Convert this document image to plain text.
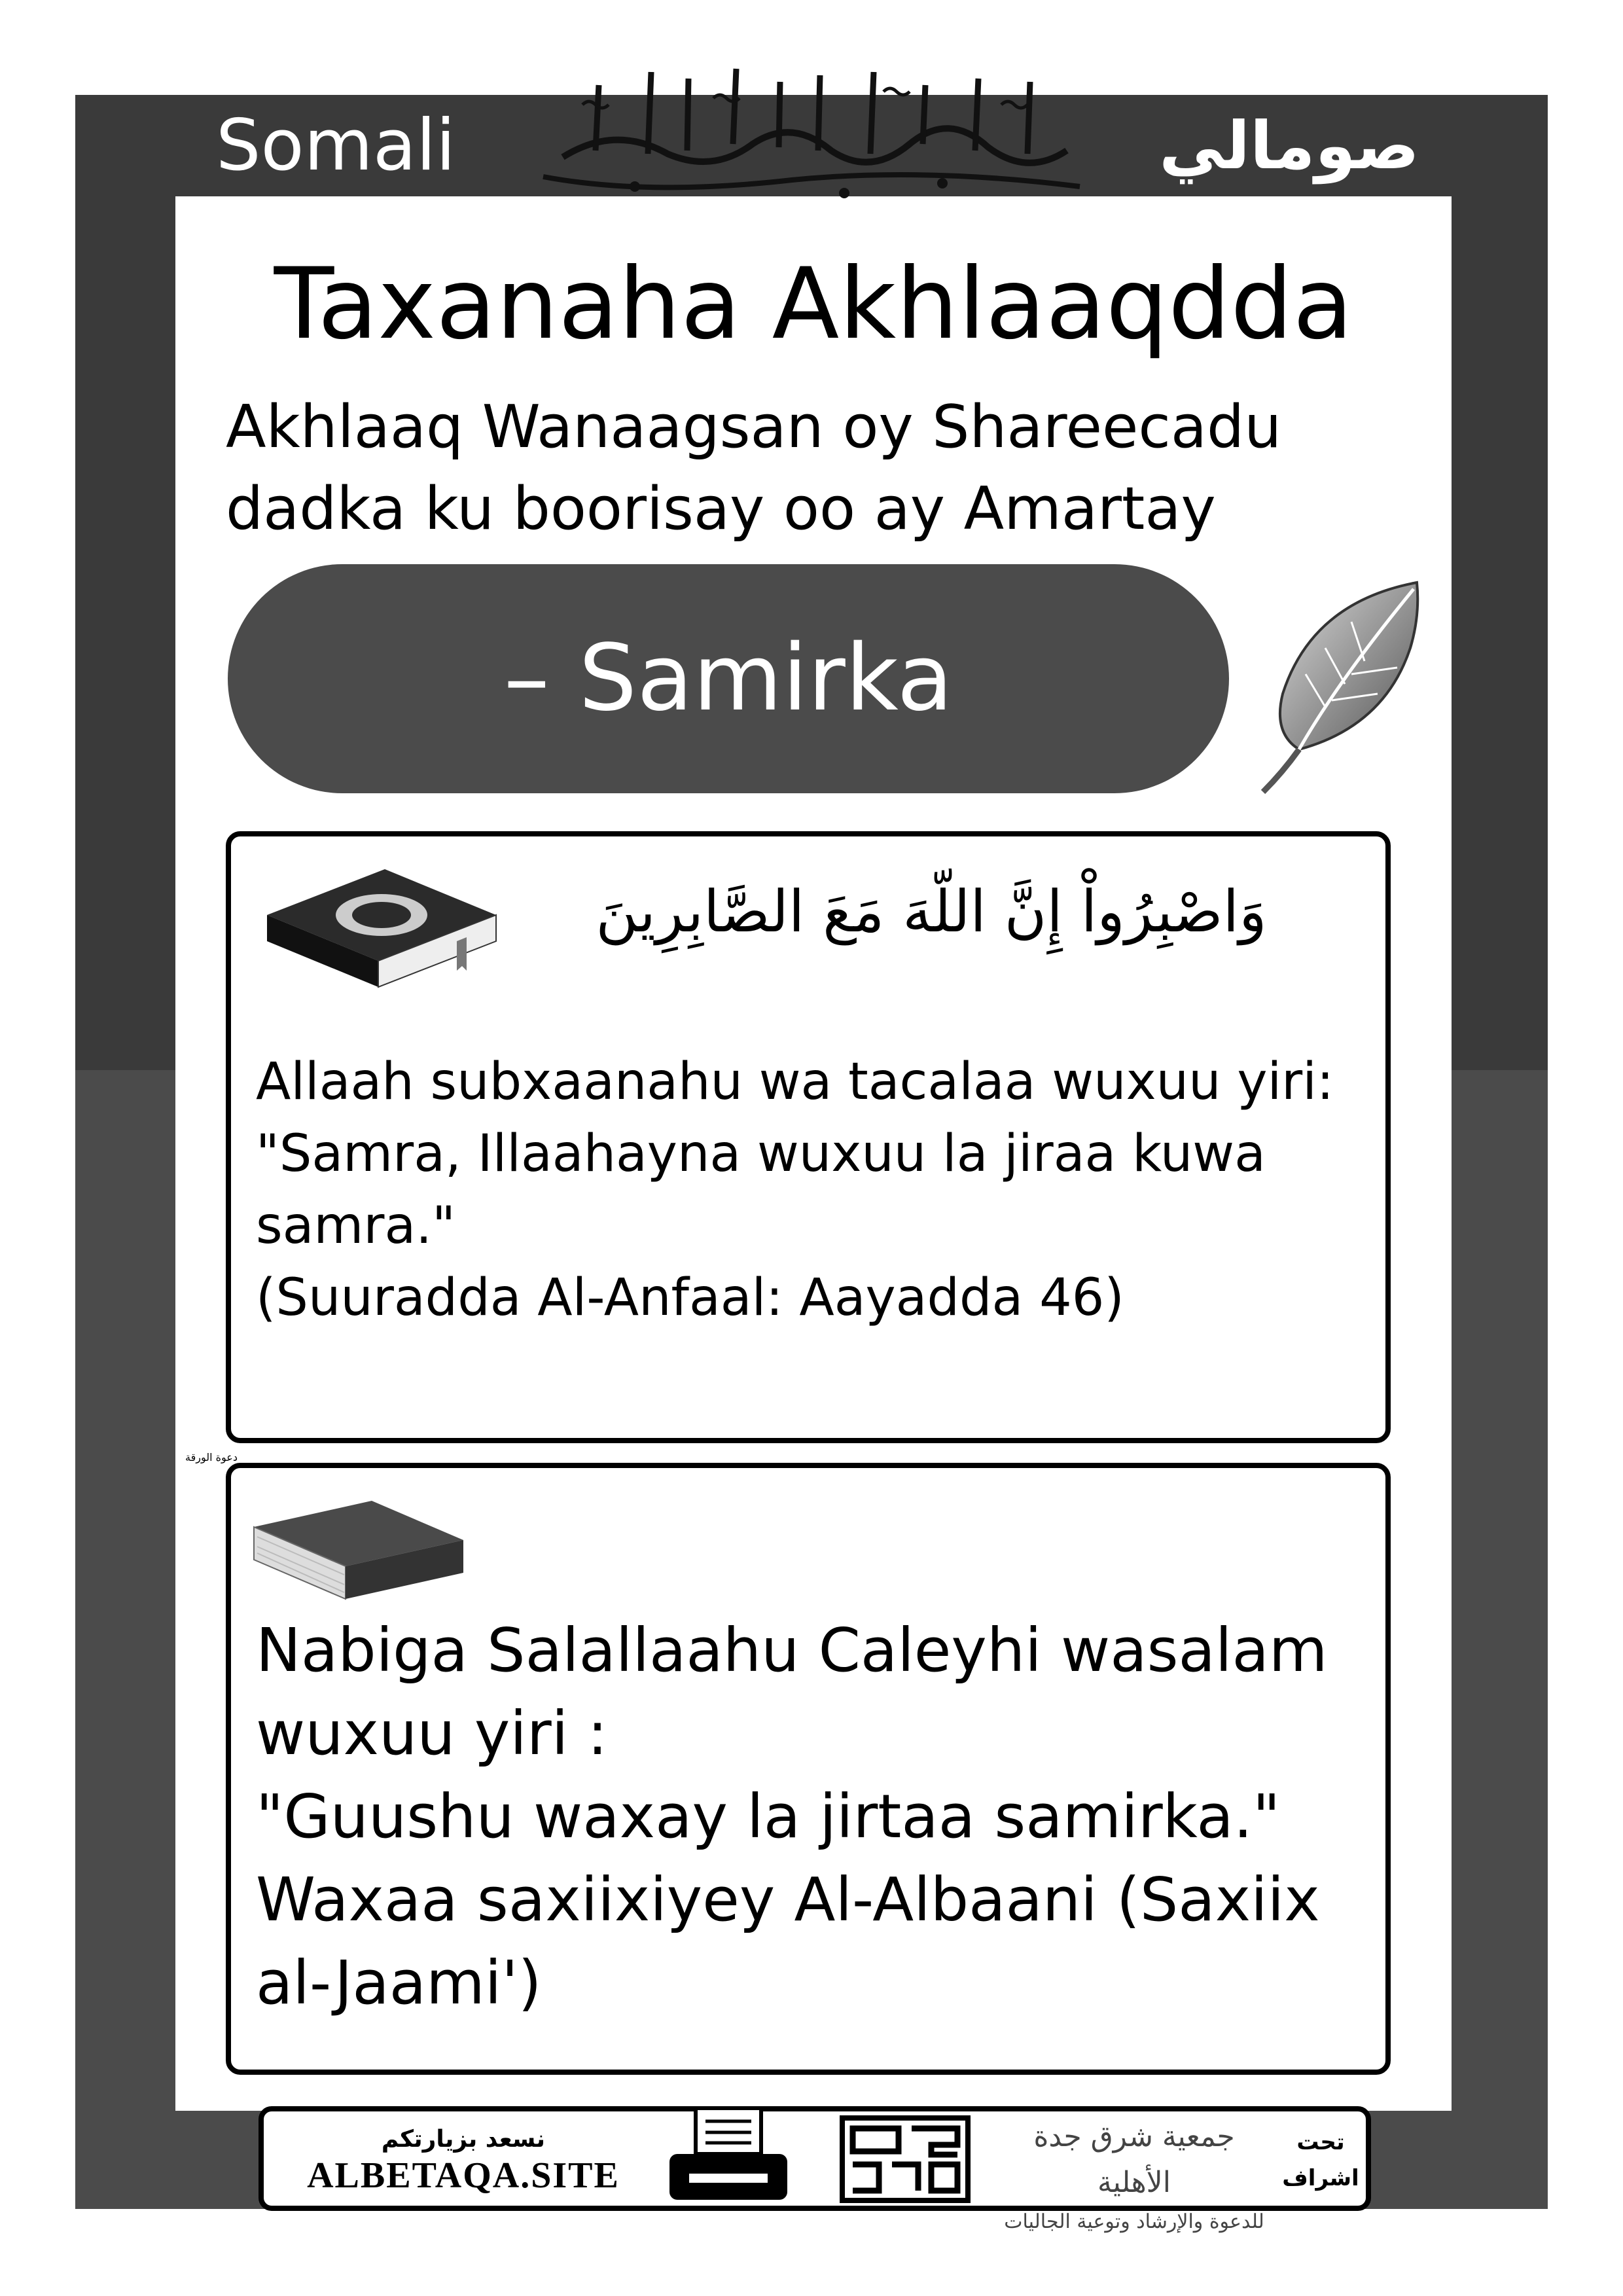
Somali	صومالي
Taxanaha Akhlaaqdda
Akhlaaq Wanaagsan oy Shareecadu dadka ku boorisay oo ay Amartay
– Samirka
وَاصْبِرُواْ إِنَّ اللّهَ مَعَ الصَّابِرِينَ
Allaah subxaanahu wa tacalaa wuxuu yiri:
"Samra, Illaahayna wuxuu la jiraa kuwa samra."
(Suuradda Al-Anfaal: Aayadda 46)
Nabiga Salallaahu Caleyhi wasalam wuxuu yiri :
"Guushu waxay la jirtaa samirka."
Waxaa saxiixiyey Al-Albaani (Saxiix al-Jaami')
نسعد بزيارتكم
ALBETAQA.SITE
دعوة الورقة
جمعية شرق جدة الأهلية
للدعوة والإرشاد وتوعية الجاليات
تحت اشراف
